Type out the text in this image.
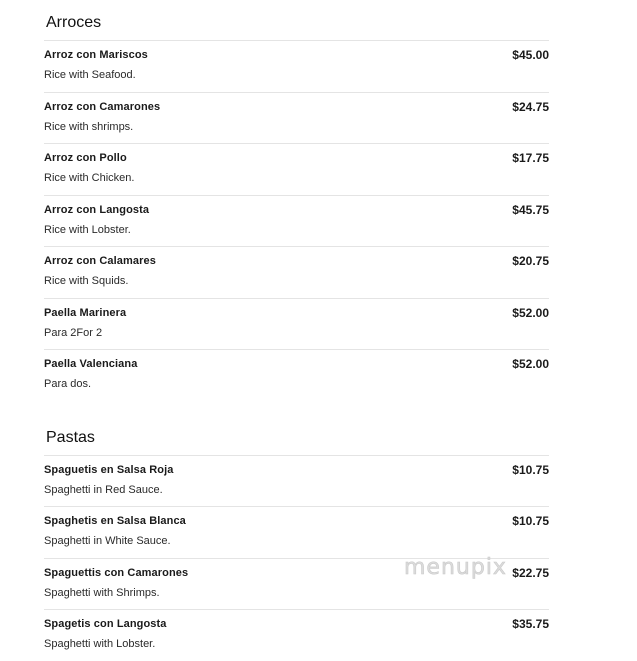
Arroces
Arroz con Mariscos
Rice with Seafood.
$45.00
Arroz con Camarones
Rice with shrimps.
$24.75
Arroz con Pollo
Rice with Chicken.
$17.75
Arroz con Langosta
Rice with Lobster.
$45.75
Arroz con Calamares
Rice with Squids.
$20.75
Paella Marinera
Para 2For 2
$52.00
Paella Valenciana
Para dos.
$52.00
Pastas
Spaguetis en Salsa Roja
Spaghetti in Red Sauce.
$10.75
Spaghetis en Salsa Blanca
Spaghetti in White Sauce.
$10.75
Spaguettis con Camarones
Spaghetti with Shrimps.
$22.75
Spagetis con Langosta
Spaghetti with Lobster.
$35.75
menupix
